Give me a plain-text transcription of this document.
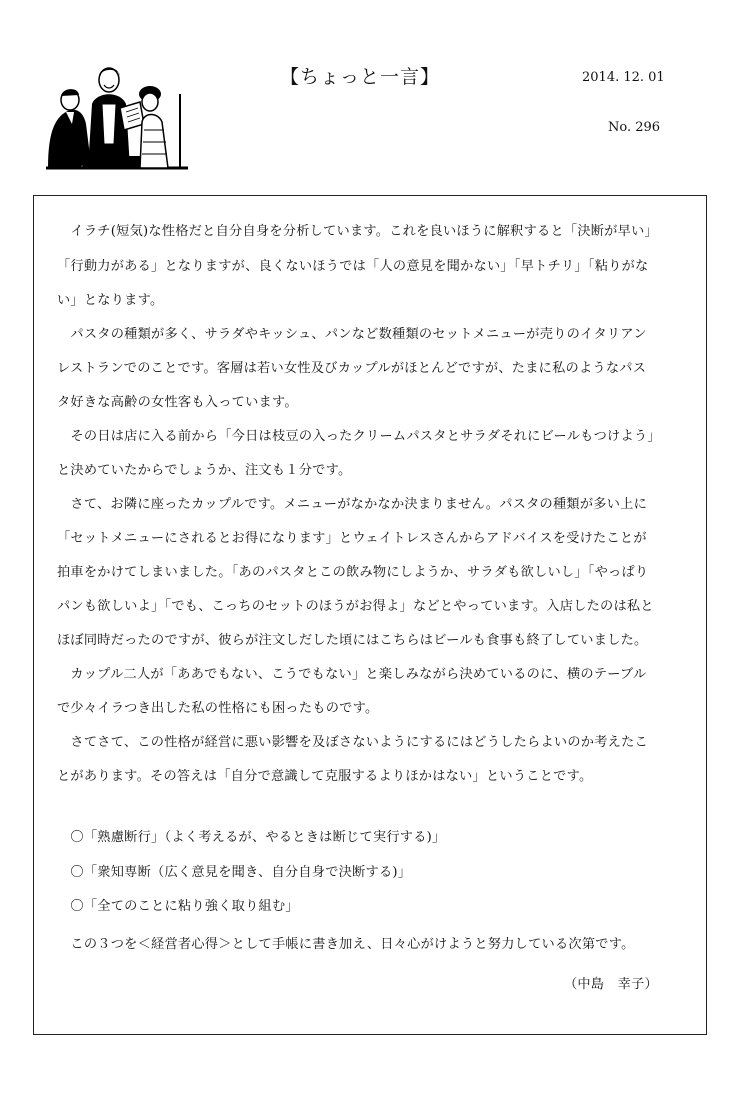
【ちょっと一言】	2014. 12. 01
No. 296
　イラチ(短気)な性格だと自分自身を分析しています。これを良いほうに解釈すると「決断が早い」
「行動力がある」となりますが、良くないほうでは「人の意見を聞かない」「早トチリ」「粘りがな
い」となります。
　パスタの種類が多く、サラダやキッシュ、パンなど数種類のセットメニューが売りのイタリアン
レストランでのことです。客層は若い女性及びカップルがほとんどですが、たまに私のようなパス
タ好きな高齢の女性客も入っています。
　その日は店に入る前から「今日は枝豆の入ったクリームパスタとサラダそれにビールもつけよう」
と決めていたからでしょうか、注文も１分です。
　さて、お隣に座ったカップルです。メニューがなかなか決まりません。パスタの種類が多い上に
「セットメニューにされるとお得になります」とウェイトレスさんからアドバイスを受けたことが
拍車をかけてしまいました。「あのパスタとこの飲み物にしようか、サラダも欲しいし」「やっぱり
パンも欲しいよ」「でも、こっちのセットのほうがお得よ」などとやっています。入店したのは私と
ほぼ同時だったのですが、彼らが注文しだした頃にはこちらはビールも食事も終了していました。
　カップル二人が「ああでもない、こうでもない」と楽しみながら決めているのに、横のテーブル
で少々イラつき出した私の性格にも困ったものです。
　さてさて、この性格が経営に悪い影響を及ぼさないようにするにはどうしたらよいのか考えたこ
とがあります。その答えは「自分で意識して克服するよりほかはない」ということです。
　〇「熟慮断行」（よく考えるが、やるときは断じて実行する)」
　〇「衆知専断（広く意見を聞き、自分自身で決断する)」
　〇「全てのことに粘り強く取り組む」
　この３つを＜経営者心得＞として手帳に書き加え、日々心がけようと努力している次第です。
（中島　幸子）
